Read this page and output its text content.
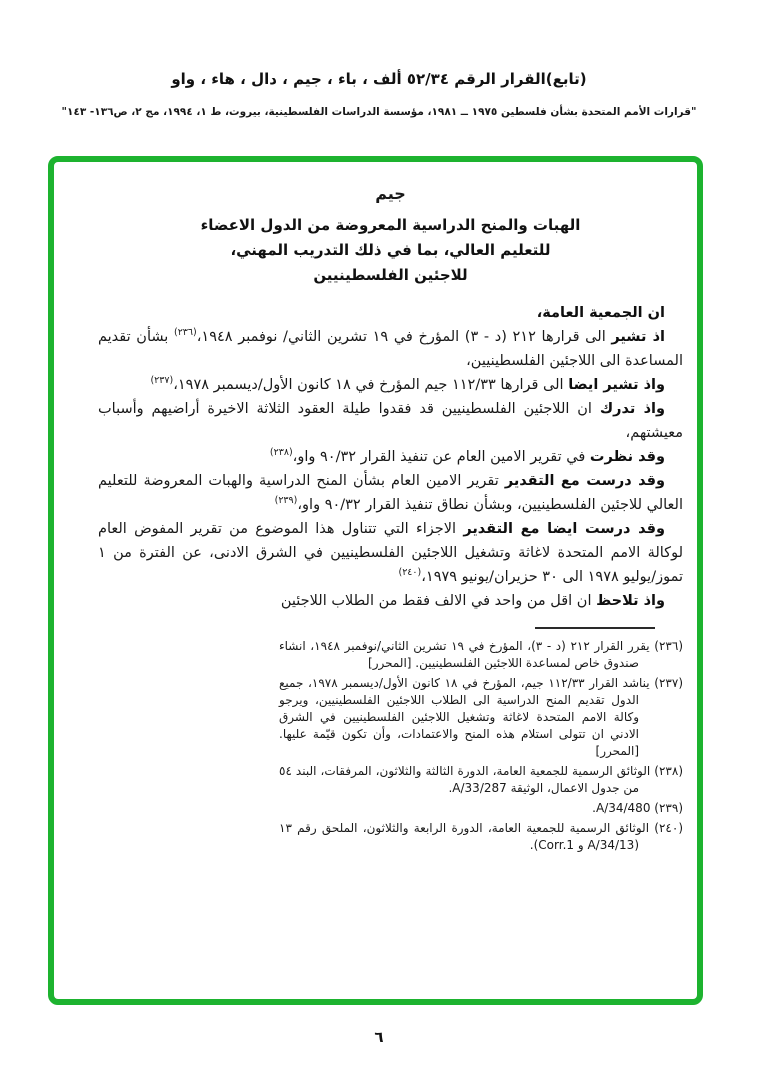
(تابع)القرار الرقم ٥٢/٣٤ ألف ، باء ، جيم ، دال ، هاء ، واو
"قرارات الأمم المتحدة بشأن فلسطين ١٩٧٥ ــ ١٩٨١، مؤسسة الدراسات الفلسطينية، بيروت، ط ١، ١٩٩٤، مج ٢، ص١٣٦- ١٤٣"
جيم
الهبات والمنح الدراسية المعروضة من الدول الاعضاء
للتعليم العالي، بما في ذلك التدريب المهني،
للاجئين الفلسطينيين

ان الجمعية العامة،

اذ تشير الى قرارها ٢١٢ (د - ٣) المؤرخ في ١٩ تشرين الثاني/ نوفمبر ١٩٤٨،$^{(٢٣٦)}$ بشأن تقديم المساعدة الى اللاجئين الفلسطينيين،

واذ تشير ايضا الى قرارها ١١٢/٣٣ جيم المؤرخ في ١٨ كانون الأول/ديسمبر ١٩٧٨،$^{(٢٣٧)}$

واذ تدرك ان اللاجئين الفلسطينيين قد فقدوا طيلة العقود الثلاثة الاخيرة أراضيهم وأسباب معيشتهم،

وقد نظرت في تقرير الامين العام عن تنفيذ القرار ٩٠/٣٢ واو،$^{(٢٣٨)}$

وقد درست مع التقدير تقرير الامين العام بشأن المنح الدراسية والهبات المعروضة للتعليم العالي للاجئين الفلسطينيين، وبشأن نطاق تنفيذ القرار ٩٠/٣٢ واو،$^{(٢٣٩)}$

وقد درست ايضا مع التقدير الاجزاء التي تتناول هذا الموضوع من تقرير المفوض العام لوكالة الامم المتحدة لاغاثة وتشغيل اللاجئين الفلسطينيين في الشرق الادنى، عن الفترة من ١ تموز/يوليو ١٩٧٨ الى ٣٠ حزيران/يونيو ١٩٧٩،$^{(٢٤٠)}$

واذ تلاحظ ان اقل من واحد في الالف فقط من الطلاب اللاجئين

(٢٣٦) يقرر القرار ٢١٢ (د - ٣)، المؤرخ في ١٩ تشرين الثاني/نوفمبر ١٩٤٨، انشاء صندوق خاص لمساعدة اللاجئين الفلسطينيين. [المحرر]

(٢٣٧) يناشد القرار ١١٢/٣٣ جيم، المؤرخ في ١٨ كانون الأول/ديسمبر ١٩٧٨، جميع الدول تقديم المنح الدراسية الى الطلاب اللاجئين الفلسطينيين، ويرجو وكالة الامم المتحدة لاغاثة وتشغيل اللاجئين الفلسطينيين في الشرق الادني ان تتولى استلام هذه المنح والاعتمادات، وأن تكون قيّمة عليها. [المحرر]

(٢٣٨) الوثائق الرسمية للجمعية العامة، الدورة الثالثة والثلاثون، المرفقات، البند ٥٤ من جدول الاعمال، الوثيقة A/33/287.

(٢٣٩) A/34/480.

(٢٤٠) الوثائق الرسمية للجمعية العامة، الدورة الرابعة والثلاثون، الملحق رقم ١٣ (A/34/13 و Corr.1).

٦
